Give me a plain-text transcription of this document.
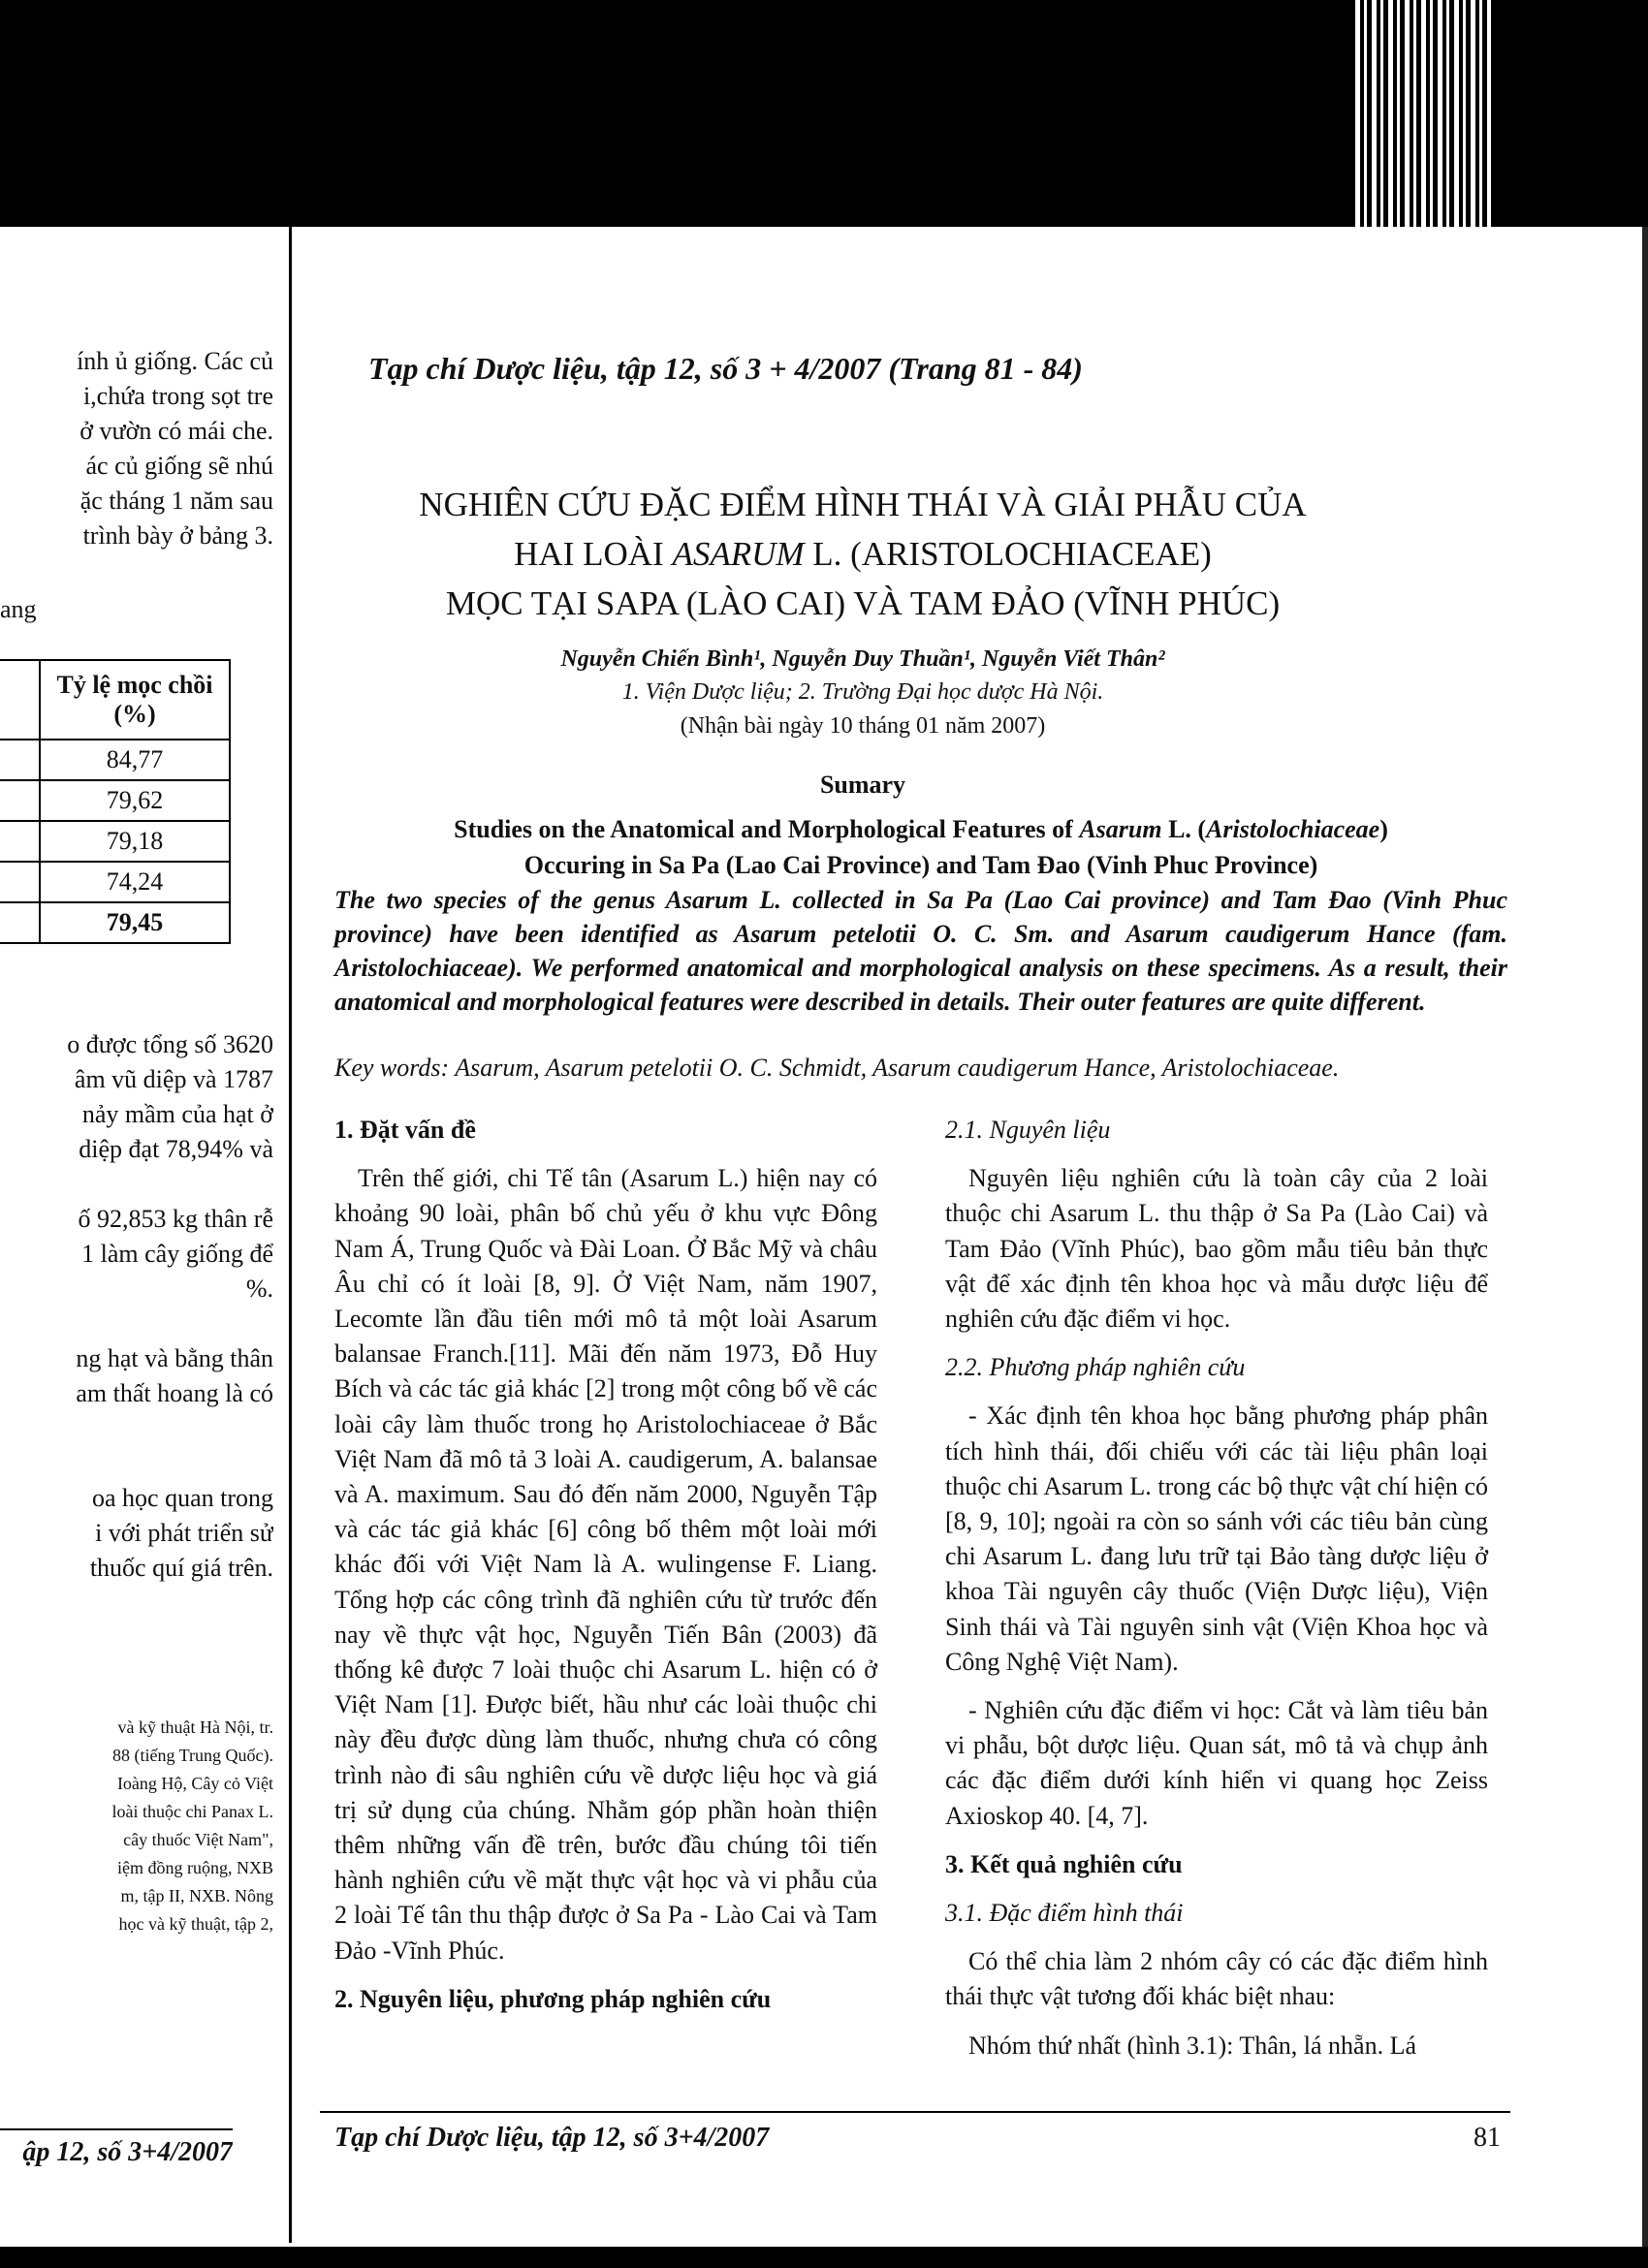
ính ủ giống. Các củ

i,chứa trong sọt tre

ở vườn có mái che.

ác củ giống sẽ nhú

ặc tháng 1 năm sau

trình bày ở bảng 3.

ang

	Tỷ lệ mọc chồi (%)
	84,77
	79,62
	79,18
	74,24
	79,45

o được tổng số 3620

âm vũ diệp và 1787

nảy mầm của hạt ở

diệp đạt 78,94% và

ố 92,853 kg thân rễ

1 làm cây giống để

%.

ng hạt và bằng thân

am thất hoang là có

oa học quan trong

i với phát triển sử

thuốc quí giá trên.

và kỹ thuật Hà Nội, tr.

88 (tiếng Trung Quốc).

Ioàng Hộ, Cây cỏ Việt

loài thuộc chi Panax L.

cây thuốc Việt Nam",

iệm đồng ruộng, NXB

m, tập II, NXB. Nông

học và kỹ thuật, tập 2,

ập 12, số 3+4/2007
Tạp chí Dược liệu, tập 12, số 3 + 4/2007 (Trang 81 - 84)
NGHIÊN CỨU ĐẶC ĐIỂM HÌNH THÁI VÀ GIẢI PHẪU CỦA
HAI LOÀI ASARUM L. (ARISTOLOCHIACEAE)
MỌC TẠI SAPA (LÀO CAI) VÀ TAM ĐẢO (VĨNH PHÚC)
Nguyễn Chiến Bình¹, Nguyễn Duy Thuần¹, Nguyễn Viết Thân²
1. Viện Dược liệu; 2. Trường Đại học dược Hà Nội.
(Nhận bài ngày 10 tháng 01 năm 2007)
Sumary
Studies on the Anatomical and Morphological Features of Asarum L. (Aristolochiaceae)
Occuring in Sa Pa (Lao Cai Province) and Tam Đao (Vinh Phuc Province)
The two species of the genus Asarum L. collected in Sa Pa (Lao Cai province) and Tam Đao (Vinh Phuc province) have been identified as Asarum petelotii O. C. Sm. and Asarum caudigerum Hance (fam. Aristolochiaceae). We performed anatomical and morphological analysis on these specimens. As a result, their anatomical and morphological features were described in details. Their outer features are quite different.
Key words: Asarum, Asarum petelotii O. C. Schmidt, Asarum caudigerum Hance, Aristolochiaceae.
1. Đặt vấn đề

Trên thế giới, chi Tế tân (Asarum L.) hiện nay có khoảng 90 loài, phân bố chủ yếu ở khu vực Đông Nam Á, Trung Quốc và Đài Loan. Ở Bắc Mỹ và châu Âu chỉ có ít loài [8, 9]. Ở Việt Nam, năm 1907, Lecomte lần đầu tiên mới mô tả một loài Asarum balansae Franch.[11]. Mãi đến năm 1973, Đỗ Huy Bích và các tác giả khác [2] trong một công bố về các loài cây làm thuốc trong họ Aristolochiaceae ở Bắc Việt Nam đã mô tả 3 loài A. caudigerum, A. balansae và A. maximum. Sau đó đến năm 2000, Nguyễn Tập và các tác giả khác [6] công bố thêm một loài mới khác đối với Việt Nam là A. wulingense F. Liang. Tổng hợp các công trình đã nghiên cứu từ trước đến nay về thực vật học, Nguyễn Tiến Bân (2003) đã thống kê được 7 loài thuộc chi Asarum L. hiện có ở Việt Nam [1]. Được biết, hầu như các loài thuộc chi này đều được dùng làm thuốc, nhưng chưa có công trình nào đi sâu nghiên cứu về dược liệu học và giá trị sử dụng của chúng. Nhằm góp phần hoàn thiện thêm những vấn đề trên, bước đầu chúng tôi tiến hành nghiên cứu về mặt thực vật học và vi phẫu của 2 loài Tế tân thu thập được ở Sa Pa - Lào Cai và Tam Đảo -Vĩnh Phúc.

2. Nguyên liệu, phương pháp nghiên cứu
2.1. Nguyên liệu

Nguyên liệu nghiên cứu là toàn cây của 2 loài thuộc chi Asarum L. thu thập ở Sa Pa (Lào Cai) và Tam Đảo (Vĩnh Phúc), bao gồm mẫu tiêu bản thực vật để xác định tên khoa học và mẫu dược liệu để nghiên cứu đặc điểm vi học.

2.2. Phương pháp nghiên cứu

- Xác định tên khoa học bằng phương pháp phân tích hình thái, đối chiếu với các tài liệu phân loại thuộc chi Asarum L. trong các bộ thực vật chí hiện có [8, 9, 10]; ngoài ra còn so sánh với các tiêu bản cùng chi Asarum L. đang lưu trữ tại Bảo tàng dược liệu ở khoa Tài nguyên cây thuốc (Viện Dược liệu), Viện Sinh thái và Tài nguyên sinh vật (Viện Khoa học và Công Nghệ Việt Nam).

- Nghiên cứu đặc điểm vi học: Cắt và làm tiêu bản vi phẫu, bột dược liệu. Quan sát, mô tả và chụp ảnh các đặc điểm dưới kính hiển vi quang học Zeiss Axioskop 40. [4, 7].

3. Kết quả nghiên cứu
3.1. Đặc điểm hình thái

Có thể chia làm 2 nhóm cây có các đặc điểm hình thái thực vật tương đối khác biệt nhau:

Nhóm thứ nhất (hình 3.1): Thân, lá nhẵn. Lá

Tạp chí Dược liệu, tập 12, số 3+4/2007	81
